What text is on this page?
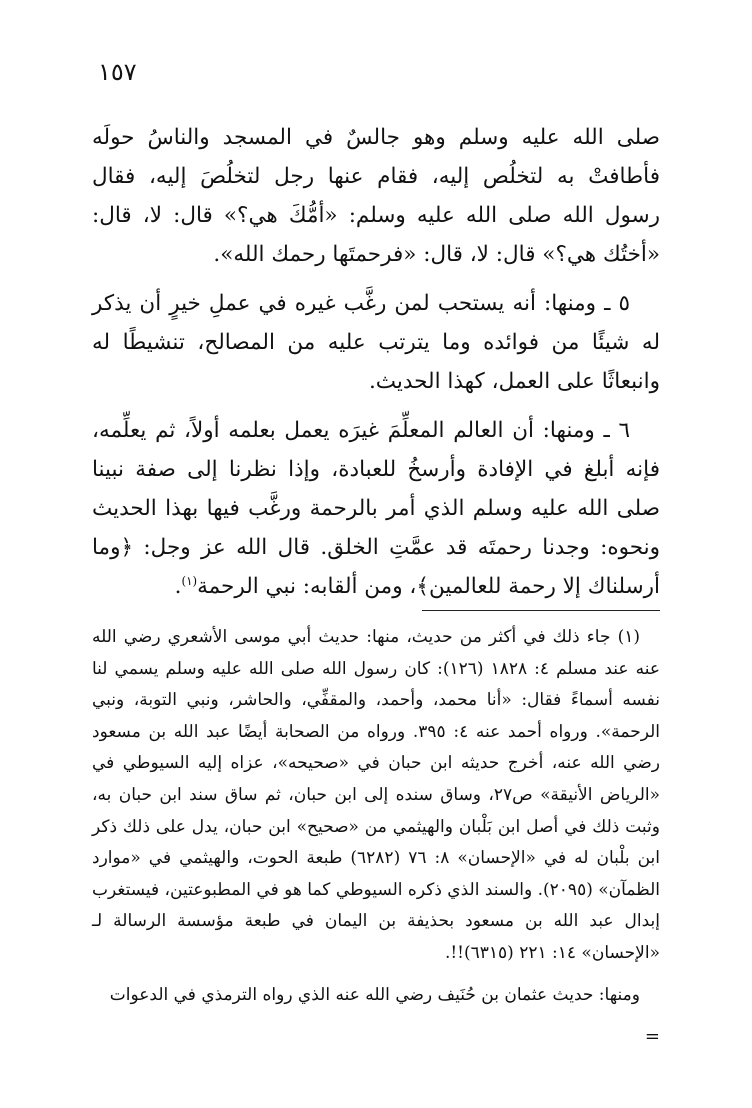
١٥٧

صلى الله عليه وسلم وهو جالسٌ في المسجد والناسُ حولَه فأطافتْ به لتخلُص إليه، فقام عنها رجل لتخلُصَ إليه، فقال رسول الله صلى الله عليه وسلم: «أمُّكَ هي؟» قال: لا، قال: «أختُك هي؟» قال: لا، قال: «فرحمتَها رحمك الله».

٥ ـ ومنها: أنه يستحب لمن رغَّب غيره في عملِ خيرٍ أن يذكر له شيئًا من فوائده وما يترتب عليه من المصالح، تنشيطًا له وانبعاثًا على العمل، كهذا الحديث.

٦ ـ ومنها: أن العالم المعلِّمَ غيرَه يعمل بعلمه أولاً، ثم يعلِّمه، فإنه أبلغ في الإفادة وأرسخُ للعبادة، وإذا نظرنا إلى صفة نبينا صلى الله عليه وسلم الذي أمر بالرحمة ورغَّب فيها بهذا الحديث ونحوه: وجدنا رحمتَه قد عمَّتِ الخلق. قال الله عز وجل: ﴿وما أرسلناك إلا رحمة للعالمين﴾، ومن ألقابه: نبي الرحمة$^{(١)}$.

(١) جاء ذلك في أكثر من حديث، منها: حديث أبي موسى الأشعري رضي الله عنه عند مسلم ٤: ١٨٢٨ (١٢٦): كان رسول الله صلى الله عليه وسلم يسمي لنا نفسه أسماءً فقال: «أنا محمد، وأحمد، والمقفِّي، والحاشر، ونبي التوبة، ونبي الرحمة». ورواه أحمد عنه ٤: ٣٩٥. ورواه من الصحابة أيضًا عبد الله بن مسعود رضي الله عنه، أخرج حديثه ابن حبان في «صحيحه»، عزاه إليه السيوطي في «الرياض الأنيقة» ص٢٧، وساق سنده إلى ابن حبان، ثم ساق سند ابن حبان به، وثبت ذلك في أصل ابن بَلْبان والهيثمي من «صحيح» ابن حبان، يدل على ذلك ذكر ابن بلْبان له في «الإحسان» ٨: ٧٦ (٦٢٨٢) طبعة الحوت، والهيثمي في «موارد الظمآن» (٢٠٩٥). والسند الذي ذكره السيوطي كما هو في المطبوعتين، فيستغرب إبدال عبد الله بن مسعود بحذيفة بن اليمان في طبعة مؤسسة الرسالة لـ «الإحسان» ١٤: ٢٢١ (٦٣١٥)!!.

ومنها: حديث عثمان بن حُنَيف رضي الله عنه الذي رواه الترمذي في الدعوات

=
